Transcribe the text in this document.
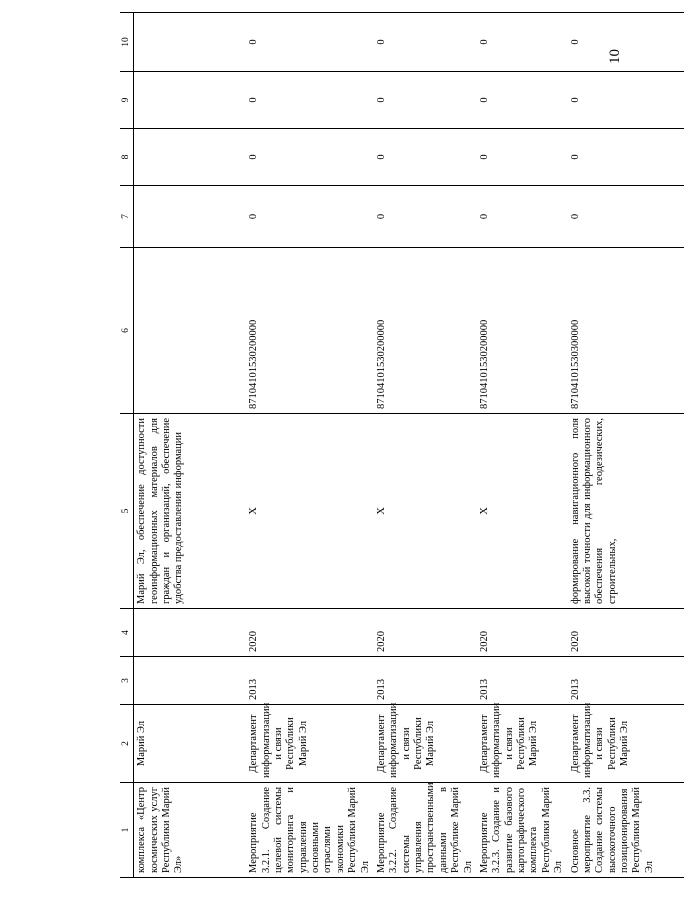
10
1	2	3	4	5	6	7	8	9	10
комплекса «Центр космических услуг Республики Марий Эл»	Марий Эл			Марий Эл, обеспечение доступности геоинформационных материалов для граждан и организаций, обеспечение удобства предоставления информации					
Мероприятие 3.2.1. Создание целевой системы мониторинга и управления основными отраслями экономики Республики Марий Эл	Департамент информатизации и связи Республики Марий Эл	2013	2020	X	87104101530200000	0	0	0	0
Мероприятие 3.2.2. Создание системы управления пространственными данными в Республике Марий Эл	Департамент информатизации и связи Республики Марий Эл	2013	2020	X	87104101530200000	0	0	0	0
Мероприятие 3.2.3. Создание и развитие базового картографического комплекта Республики Марий Эл	Департамент информатизации и связи Республики Марий Эл	2013	2020	X	87104101530200000	0	0	0	0
Основное мероприятие 3.3. Создание системы высокоточного позиционирования Республики Марий Эл	Департамент информатизации и связи Республики Марий Эл	2013	2020	формирование навигационного поля высокой точности для информационного обеспечения геодезических, строительных,	87104101530300000	0	0	0	0
